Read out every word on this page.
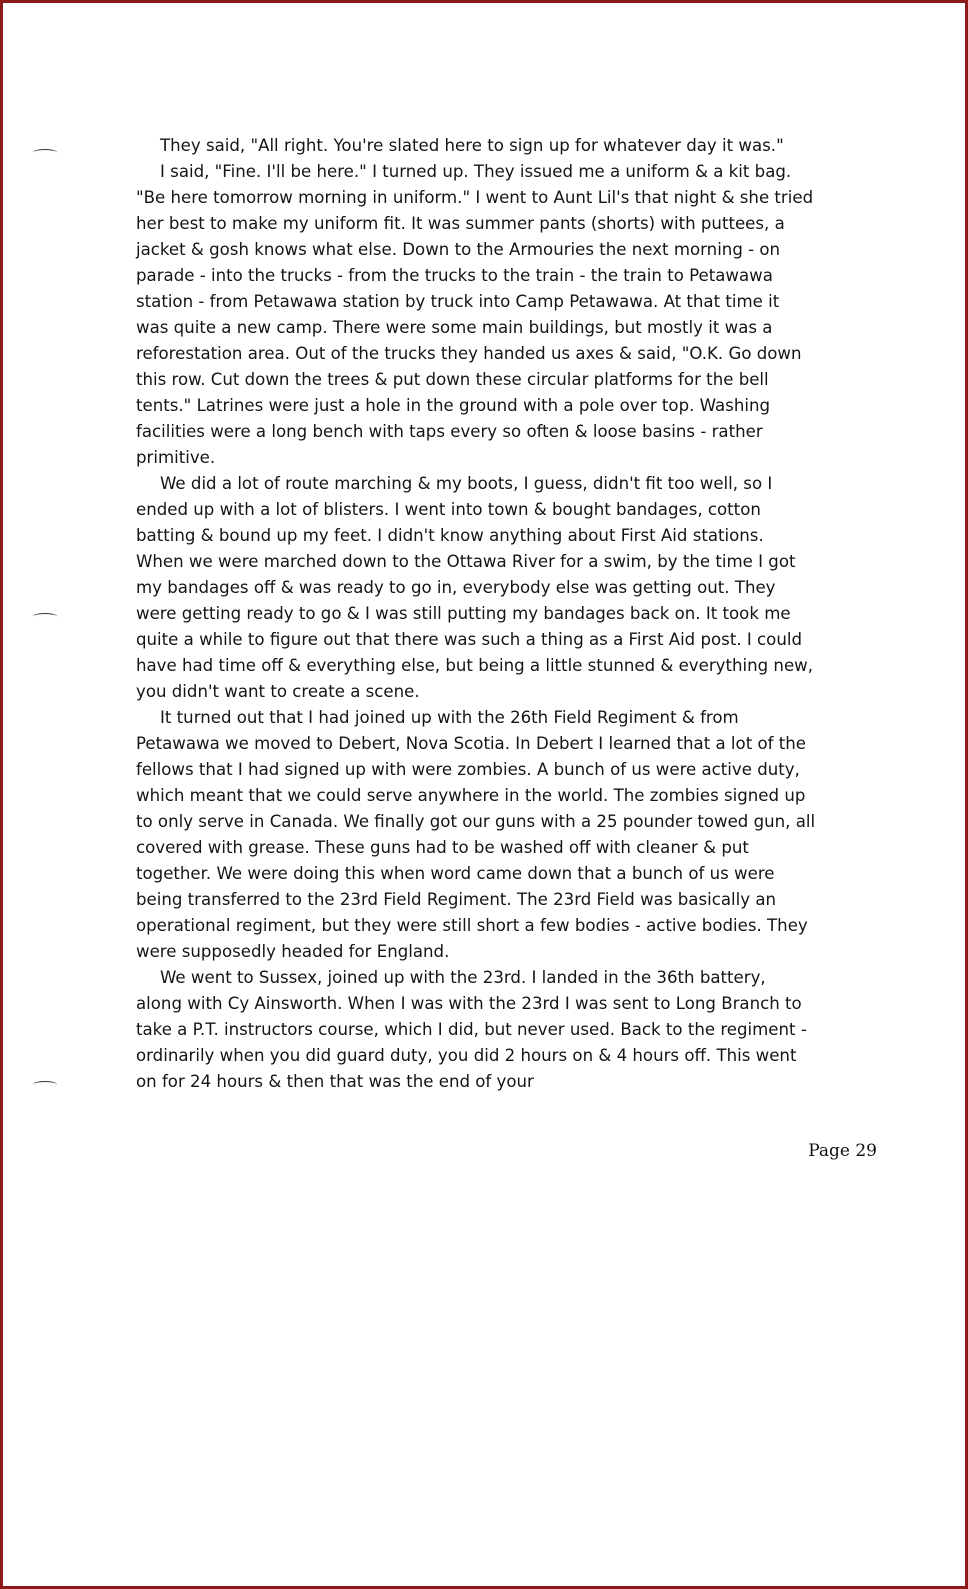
They said, "All right. You're slated here to sign up for whatever day it was."

I said, "Fine. I'll be here." I turned up. They issued me a uniform & a kit bag. "Be here tomorrow morning in uniform." I went to Aunt Lil's that night & she tried her best to make my uniform fit. It was summer pants (shorts) with puttees, a jacket & gosh knows what else. Down to the Armouries the next morning - on parade - into the trucks - from the trucks to the train - the train to Petawawa station - from Petawawa station by truck into Camp Petawawa. At that time it was quite a new camp. There were some main buildings, but mostly it was a reforestation area. Out of the trucks they handed us axes & said, "O.K. Go down this row. Cut down the trees & put down these circular platforms for the bell tents." Latrines were just a hole in the ground with a pole over top. Washing facilities were a long bench with taps every so often & loose basins - rather primitive.

We did a lot of route marching & my boots, I guess, didn't fit too well, so I ended up with a lot of blisters. I went into town & bought bandages, cotton batting & bound up my feet. I didn't know anything about First Aid stations. When we were marched down to the Ottawa River for a swim, by the time I got my bandages off & was ready to go in, everybody else was getting out. They were getting ready to go & I was still putting my bandages back on. It took me quite a while to figure out that there was such a thing as a First Aid post. I could have had time off & everything else, but being a little stunned & everything new, you didn't want to create a scene.

It turned out that I had joined up with the 26th Field Regiment & from Petawawa we moved to Debert, Nova Scotia. In Debert I learned that a lot of the fellows that I had signed up with were zombies. A bunch of us were active duty, which meant that we could serve anywhere in the world. The zombies signed up to only serve in Canada. We finally got our guns with a 25 pounder towed gun, all covered with grease. These guns had to be washed off with cleaner & put together. We were doing this when word came down that a bunch of us were being transferred to the 23rd Field Regiment. The 23rd Field was basically an operational regiment, but they were still short a few bodies - active bodies. They were supposedly headed for England.

We went to Sussex, joined up with the 23rd. I landed in the 36th battery, along with Cy Ainsworth. When I was with the 23rd I was sent to Long Branch to take a P.T. instructors course, which I did, but never used. Back to the regiment - ordinarily when you did guard duty, you did 2 hours on & 4 hours off. This went on for 24 hours & then that was the end of your

Page 29
